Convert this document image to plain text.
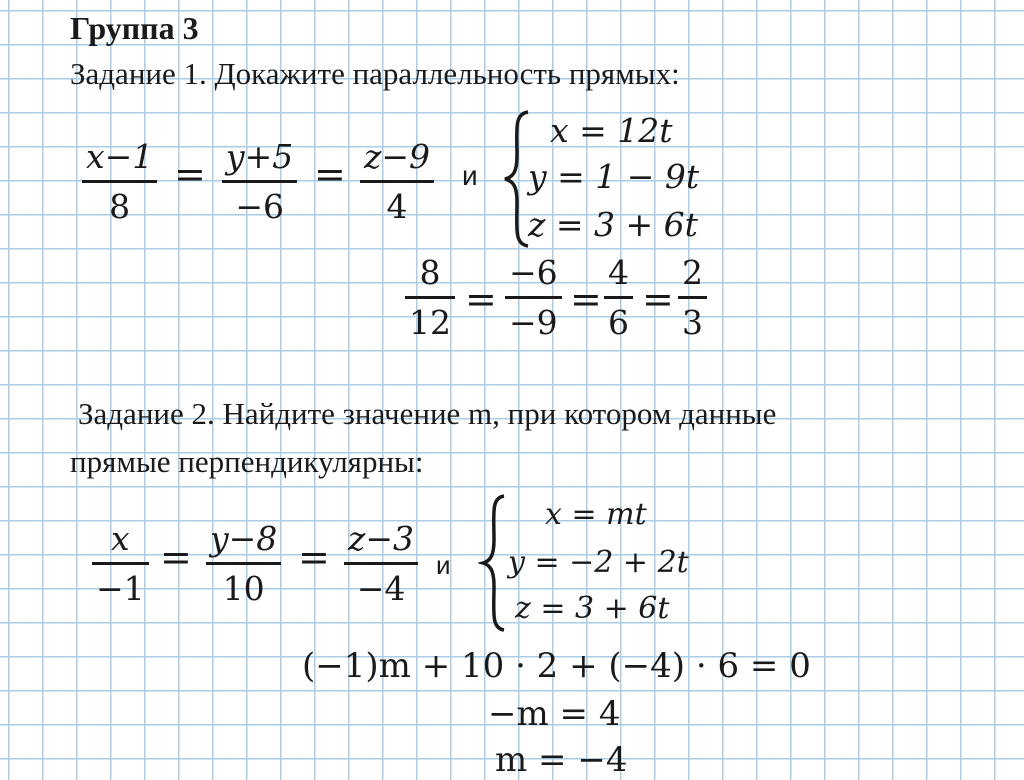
Группа 3
Задание 1. Докажите параллельность прямых:
x−1
8
= y+5
−6
= z−9
4
и
x = 12t
y = 1 − 9t
z = 3 + 6t
8
12
=
−6
−9
=
4
6
=
2
3
Задание 2. Найдите значение m, при котором данные
прямые перпендикулярны:
x
−1
= y−8
10
= z−3
−4
и
x = mt
y = −2 + 2t
z = 3 + 6t
(−1)m + 10 · 2 + (−4) · 6 = 0
−m = 4
m = −4
